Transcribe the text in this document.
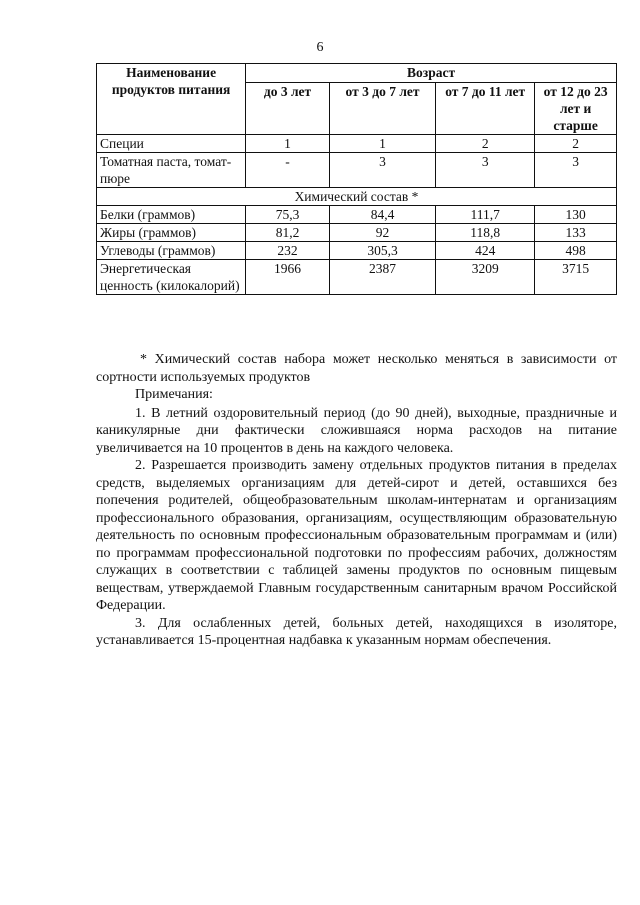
6
Наименование продуктов питания	Возраст			
	до 3 лет	от 3 до 7 лет	от 7 до 11 лет	от 12 до 23 лет и старше
Специи	1	1	2	2
Томатная паста, томат-пюре	-	3	3	3
Химический состав *				
Белки (граммов)	75,3	84,4	111,7	130
Жиры (граммов)	81,2	92	118,8	133
Углеводы (граммов)	232	305,3	424	498
Энергетическая ценность (килокалорий)	1966	2387	3209	3715

* Химический состав набора может несколько меняться в зависимости от сортности используемых продуктов

Примечания:

1. В летний оздоровительный период (до 90 дней), выходные, праздничные и каникулярные дни фактически сложившаяся норма расходов на питание увеличивается на 10 процентов в день на каждого человека.

2. Разрешается производить замену отдельных продуктов питания в пределах средств, выделяемых организациям для детей-сирот и детей, оставшихся без попечения родителей, общеобразовательным школам-интернатам и организациям профессионального образования, организациям, осуществляющим образовательную деятельность по основным профессиональным образовательным программам и (или) по программам профессиональной подготовки по профессиям рабочих, должностям служащих в соответствии с таблицей замены продуктов по основным пищевым веществам, утверждаемой Главным государственным санитарным врачом Российской Федерации.

3. Для ослабленных детей, больных детей, находящихся в изоляторе, устанавливается 15-процентная надбавка к указанным нормам обеспечения.
